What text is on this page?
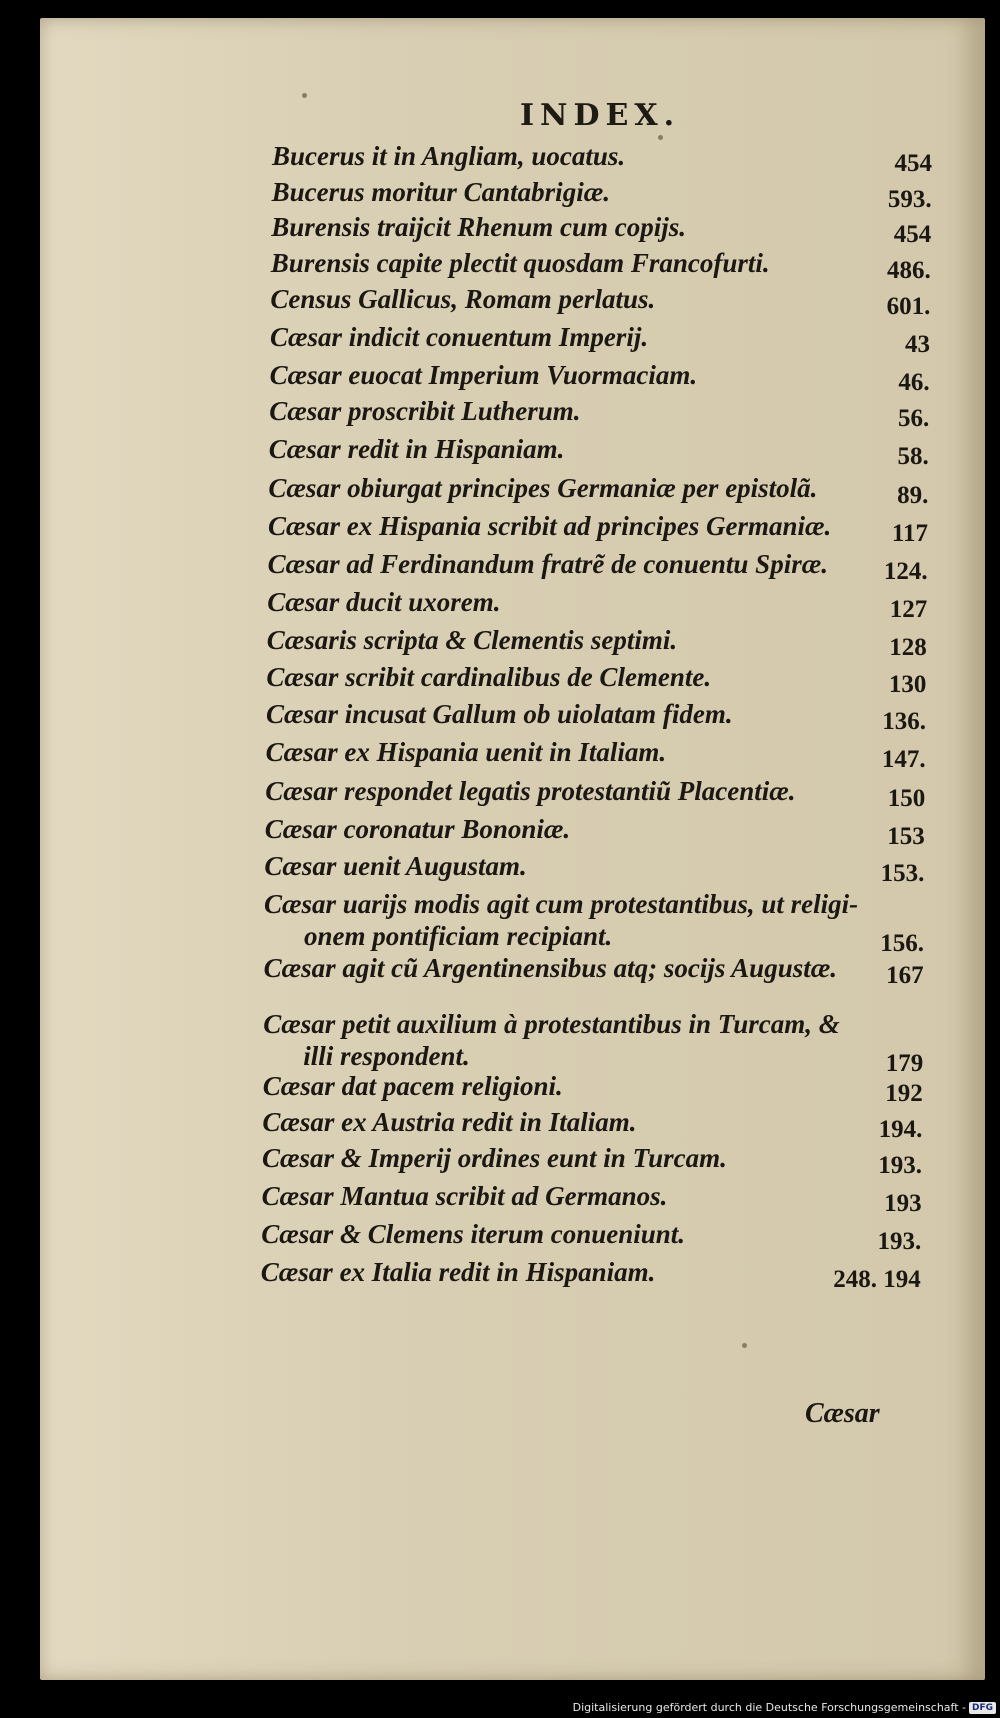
INDEX.
Bucerus it in Angliam, uocatus.	454
Bucerus moritur Cantabrigiæ.	593.
Burensis traijcit Rhenum cum copijs.	454
Burensis capite plectit quosdam Francofurti.	486.
Census Gallicus, Romam perlatus.	601.
Cæsar indicit conuentum Imperij.	43
Cæsar euocat Imperium Vuormaciam.	46.
Cæsar proscribit Lutherum.	56.
Cæsar redit in Hispaniam.	58.
Cæsar obiurgat principes Germaniæ per epistolã.	89.
Cæsar ex Hispania scribit ad principes Germaniæ.	117
Cæsar ad Ferdinandum fratrẽ de conuentu Spiræ.	124.
Cæsar ducit uxorem.	127
Cæsaris scripta & Clementis septimi.	128
Cæsar scribit cardinalibus de Clemente.	130
Cæsar incusat Gallum ob uiolatam fidem.	136.
Cæsar ex Hispania uenit in Italiam.	147.
Cæsar respondet legatis protestantiũ Placentiæ.	150
Cæsar coronatur Bononiæ.	153
Cæsar uenit Augustam.	153.
Cæsar uarijs modis agit cum protestantibus, ut religi-
onem pontificiam recipiant.	156.
Cæsar agit cũ Argentinensibus atq; socijs Augustæ.	167
Cæsar petit auxilium à protestantibus in Turcam, &
illi respondent.	179
Cæsar dat pacem religioni.	192
Cæsar ex Austria redit in Italiam.	194.
Cæsar & Imperij ordines eunt in Turcam.	193.
Cæsar Mantua scribit ad Germanos.	193
Cæsar & Clemens iterum conueniunt.	193.
Cæsar ex Italia redit in Hispaniam.	248. 194
Cæsar
Digitalisierung gefördert durch die Deutsche Forschungsgemeinschaft - DFG
